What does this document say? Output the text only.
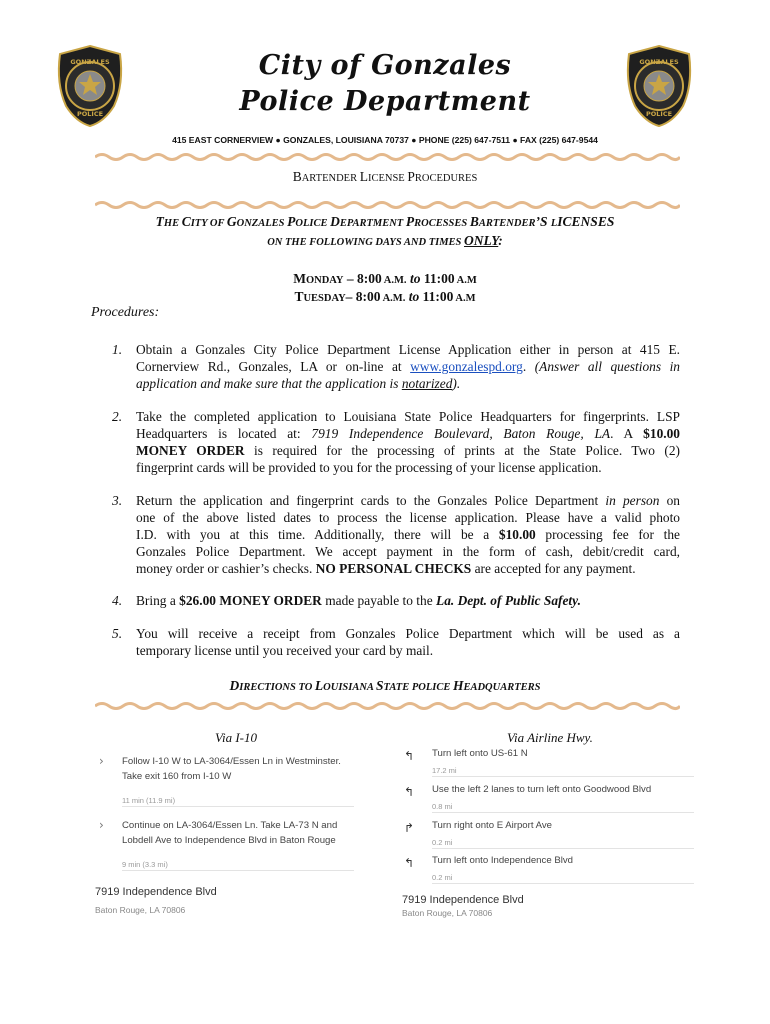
GONZALES
POLICE
GONZALES
POLICE
City of Gonzales
Police Department
415 EAST CORNERVIEW ● GONZALES, LOUISIANA 70737 ● PHONE (225) 647-7511 ● FAX (225) 647-9544
BARTENDER LICENSE PROCEDURES
THE CITY OF GONZALES POLICE DEPARTMENT PROCESSES BARTENDER’S LICENSES
ON THE FOLLOWING DAYS AND TIMES ONLY:
MONDAY – 8:00 A.M. to 11:00 A.M
TUESDAY– 8:00 A.M. to 11:00 A.M
Procedures:
1. Obtain a Gonzales City Police Department License Application either in person at 415 E.
Cornerview Rd., Gonzales, LA or on-line at www.gonzalespd.org. (Answer all questions in
application and make sure that the application is notarized).
2. Take the completed application to Louisiana State Police Headquarters for fingerprints. LSP
Headquarters is located at: 7919 Independence Boulevard, Baton Rouge, LA. A $10.00
MONEY ORDER is required for the processing of prints at the State Police. Two (2)
fingerprint cards will be provided to you for the processing of your license application.
3. Return the application and fingerprint cards to the Gonzales Police Department in person on
one of the above listed dates to process the license application. Please have a valid photo
I.D. with you at this time. Additionally, there will be a $10.00 processing fee for the
Gonzales Police Department. We accept payment in the form of cash, debit/credit card,
money order or cashier’s checks. NO PERSONAL CHECKS are accepted for any payment.
4. Bring a $26.00 MONEY ORDER made payable to the La. Dept. of Public Safety.
5. You will receive a receipt from Gonzales Police Department which will be used as a
temporary license until you received your card by mail.
DIRECTIONS TO LOUISIANA STATE POLICE HEADQUARTERS
Via I-10
› Follow I-10 W to LA-3064/Essen Ln in Westminster.
Take exit 160 from I-10 W
11 min (11.9 mi)
› Continue on LA-3064/Essen Ln. Take LA-73 N and
Lobdell Ave to Independence Blvd in Baton Rouge
9 min (3.3 mi)
7919 Independence Blvd
Baton Rouge, LA 70806
Via Airline Hwy.
↰ Turn left onto US-61 N
17.2 mi
↰ Use the left 2 lanes to turn left onto Goodwood Blvd
0.8 mi
↱ Turn right onto E Airport Ave
0.2 mi
↰ Turn left onto Independence Blvd
0.2 mi
7919 Independence Blvd
Baton Rouge, LA 70806
